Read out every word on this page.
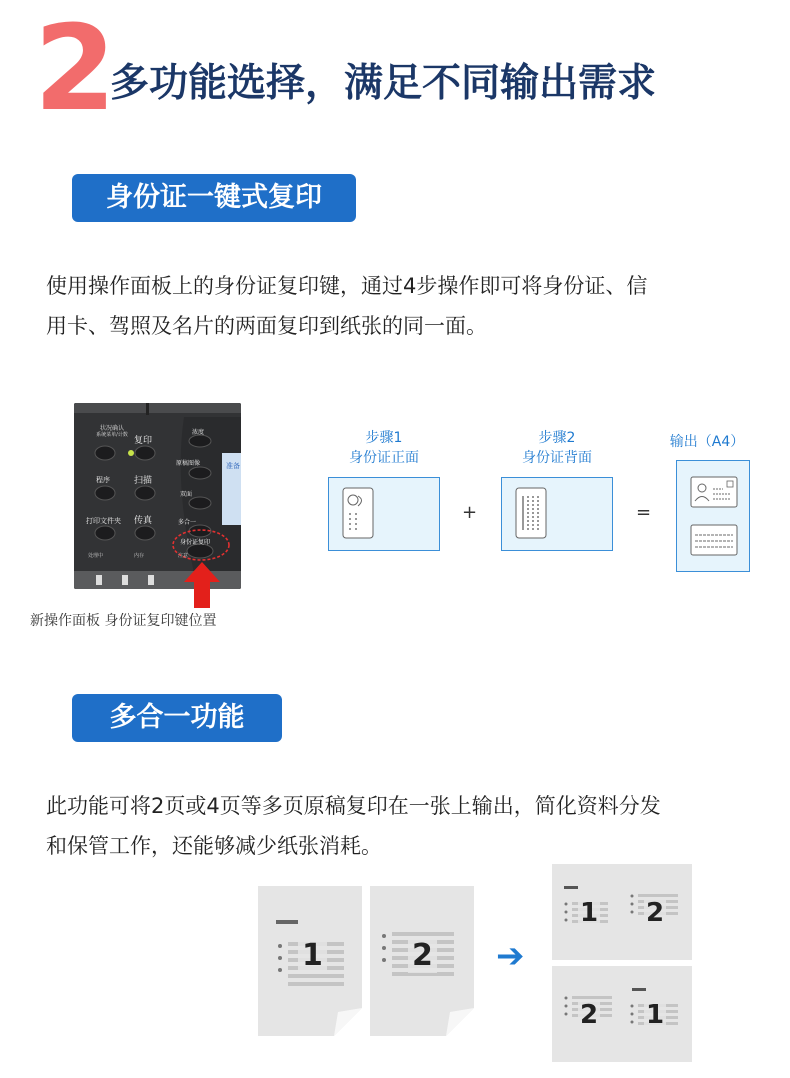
2
多功能选择，满足不同输出需求
身份证一键式复印
使用操作面板上的身份证复印键，通过4步操作即可将身份证、信
用卡、驾照及名片的两面复印到纸张的同一面。
状况确认
系统菜单/计数
复印
程序	扫描
打印文件夹 传真
浓度
原稿图像
双面
多合一
身份证复印
准备
处理中	内存	注意
新操作面板 身份证复印键位置
步骤1
身份证正面
+
步骤2
身份证背面
=
输出（A4）
多合一功能
此功能可将2页或4页等多页原稿复印在一张上输出，简化资料分发
和保管工作，还能够减少纸张消耗。
1	2 ➔
1 2
2 1
